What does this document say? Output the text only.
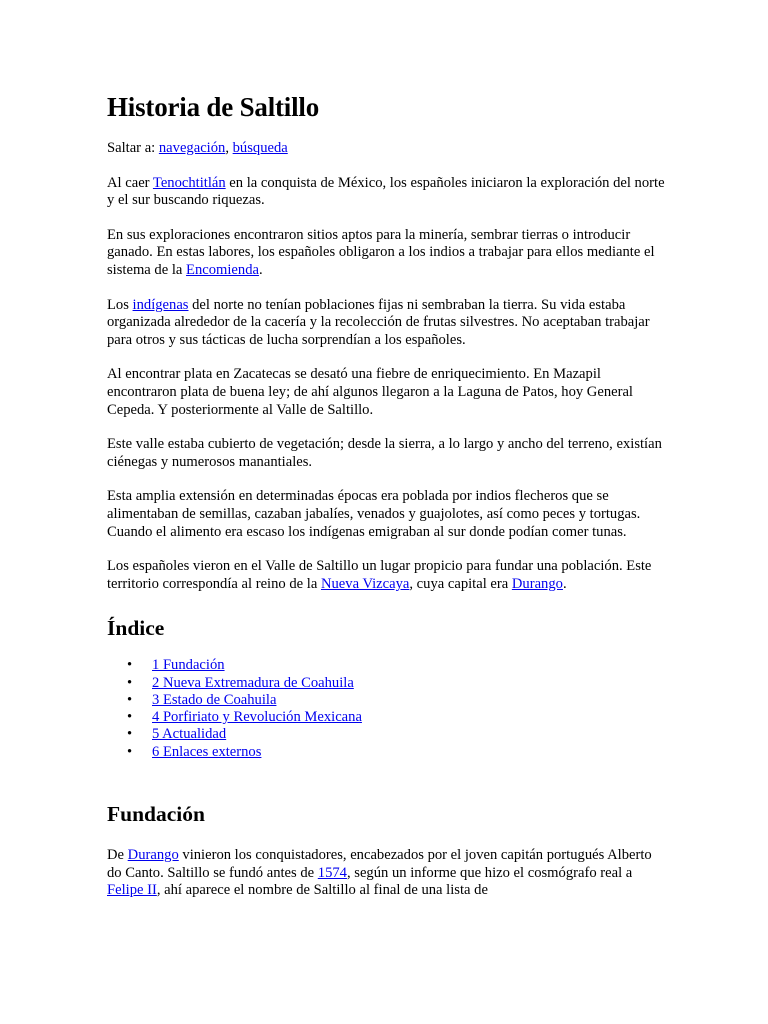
Historia de Saltillo

Saltar a: navegación, búsqueda

Al caer Tenochtitlán en la conquista de México, los españoles iniciaron la exploración del norte y el sur buscando riquezas.

En sus exploraciones encontraron sitios aptos para la minería, sembrar tierras o introducir ganado. En estas labores, los españoles obligaron a los indios a trabajar para ellos mediante el sistema de la Encomienda.

Los indígenas del norte no tenían poblaciones fijas ni sembraban la tierra. Su vida estaba organizada alrededor de la cacería y la recolección de frutas silvestres. No aceptaban trabajar para otros y sus tácticas de lucha sorprendían a los españoles.

Al encontrar plata en Zacatecas se desató una fiebre de enriquecimiento. En Mazapil encontraron plata de buena ley; de ahí algunos llegaron a la Laguna de Patos, hoy General Cepeda. Y posteriormente al Valle de Saltillo.

Este valle estaba cubierto de vegetación; desde la sierra, a lo largo y ancho del terreno, existían ciénegas y numerosos manantiales.

Esta amplia extensión en determinadas épocas era poblada por indios flecheros que se alimentaban de semillas, cazaban jabalíes, venados y guajolotes, así como peces y tortugas. Cuando el alimento era escaso los indígenas emigraban al sur donde podían comer tunas.

Los españoles vieron en el Valle de Saltillo un lugar propicio para fundar una población. Este territorio correspondía al reino de la Nueva Vizcaya, cuya capital era Durango.

Índice
• 1 Fundación
• 2 Nueva Extremadura de Coahuila
• 3 Estado de Coahuila
• 4 Porfiriato y Revolución Mexicana
• 5 Actualidad
• 6 Enlaces externos
Fundación

De Durango vinieron los conquistadores, encabezados por el joven capitán portugués Alberto do Canto. Saltillo se fundó antes de 1574, según un informe que hizo el cosmógrafo real a Felipe II, ahí aparece el nombre de Saltillo al final de una lista de
